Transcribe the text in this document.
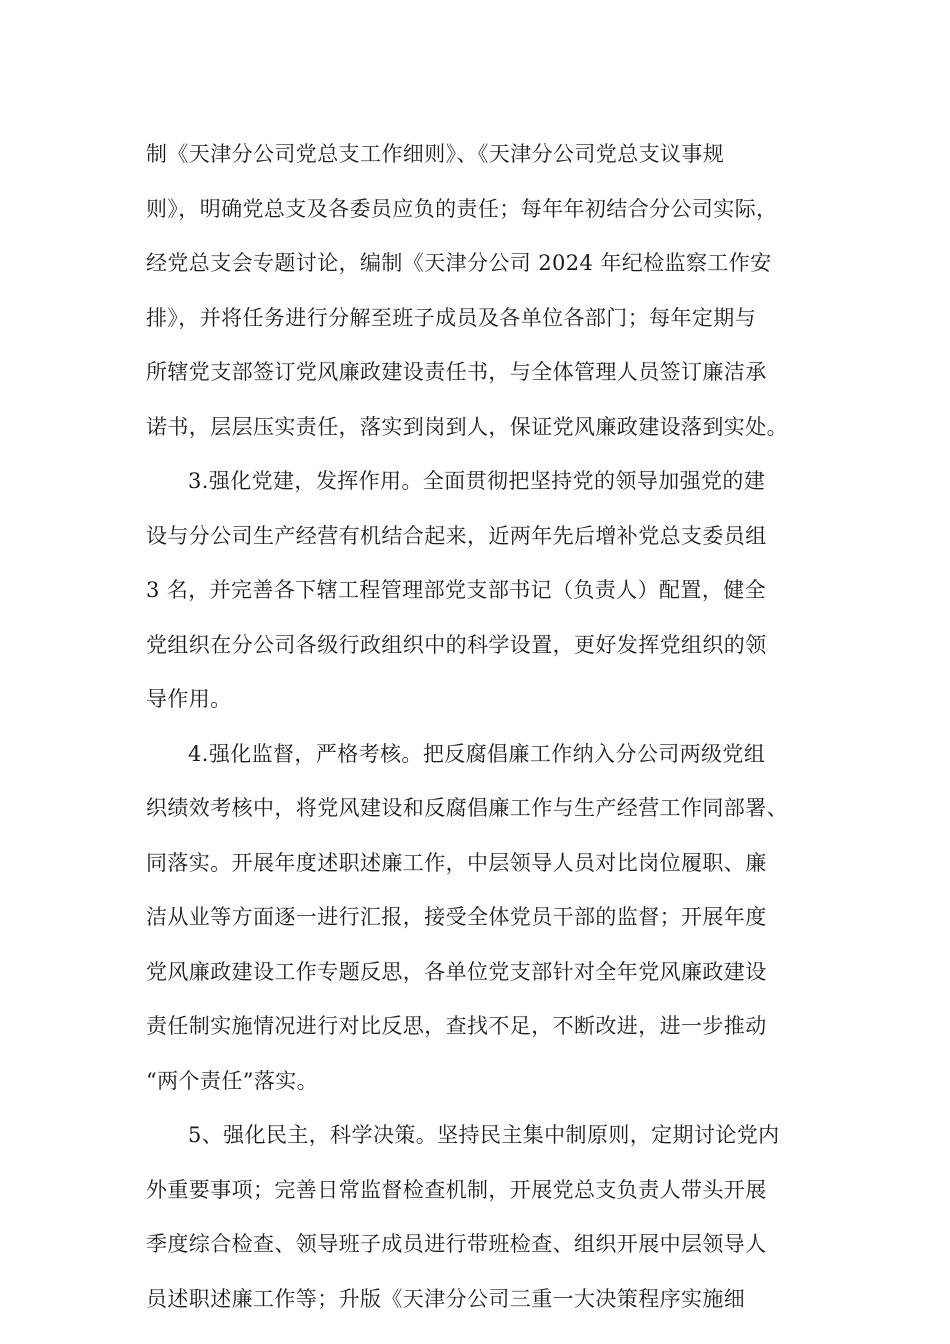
制《天津分公司党总支工作细则》、《天津分公司党总支议事规
则》，明确党总支及各委员应负的责任；每年年初结合分公司实际，
经党总支会专题讨论，编制《天津分公司 2024 年纪检监察工作安
排》，并将任务进行分解至班子成员及各单位各部门；每年定期与
所辖党支部签订党风廉政建设责任书，与全体管理人员签订廉洁承
诺书，层层压实责任，落实到岗到人，保证党风廉政建设落到实处。
3.强化党建，发挥作用。全面贯彻把坚持党的领导加强党的建
设与分公司生产经营有机结合起来，近两年先后增补党总支委员组
3 名，并完善各下辖工程管理部党支部书记（负责人）配置，健全
党组织在分公司各级行政组织中的科学设置，更好发挥党组织的领
导作用。
4.强化监督，严格考核。把反腐倡廉工作纳入分公司两级党组
织绩效考核中，将党风建设和反腐倡廉工作与生产经营工作同部署、
同落实。开展年度述职述廉工作，中层领导人员对比岗位履职、廉
洁从业等方面逐一进行汇报，接受全体党员干部的监督；开展年度
党风廉政建设工作专题反思，各单位党支部针对全年党风廉政建设
责任制实施情况进行对比反思，查找不足，不断改进，进一步推动
“两个责任”落实。
5、强化民主，科学决策。坚持民主集中制原则，定期讨论党内
外重要事项；完善日常监督检查机制，开展党总支负责人带头开展
季度综合检查、领导班子成员进行带班检查、组织开展中层领导人
员述职述廉工作等；升版《天津分公司三重一大决策程序实施细
